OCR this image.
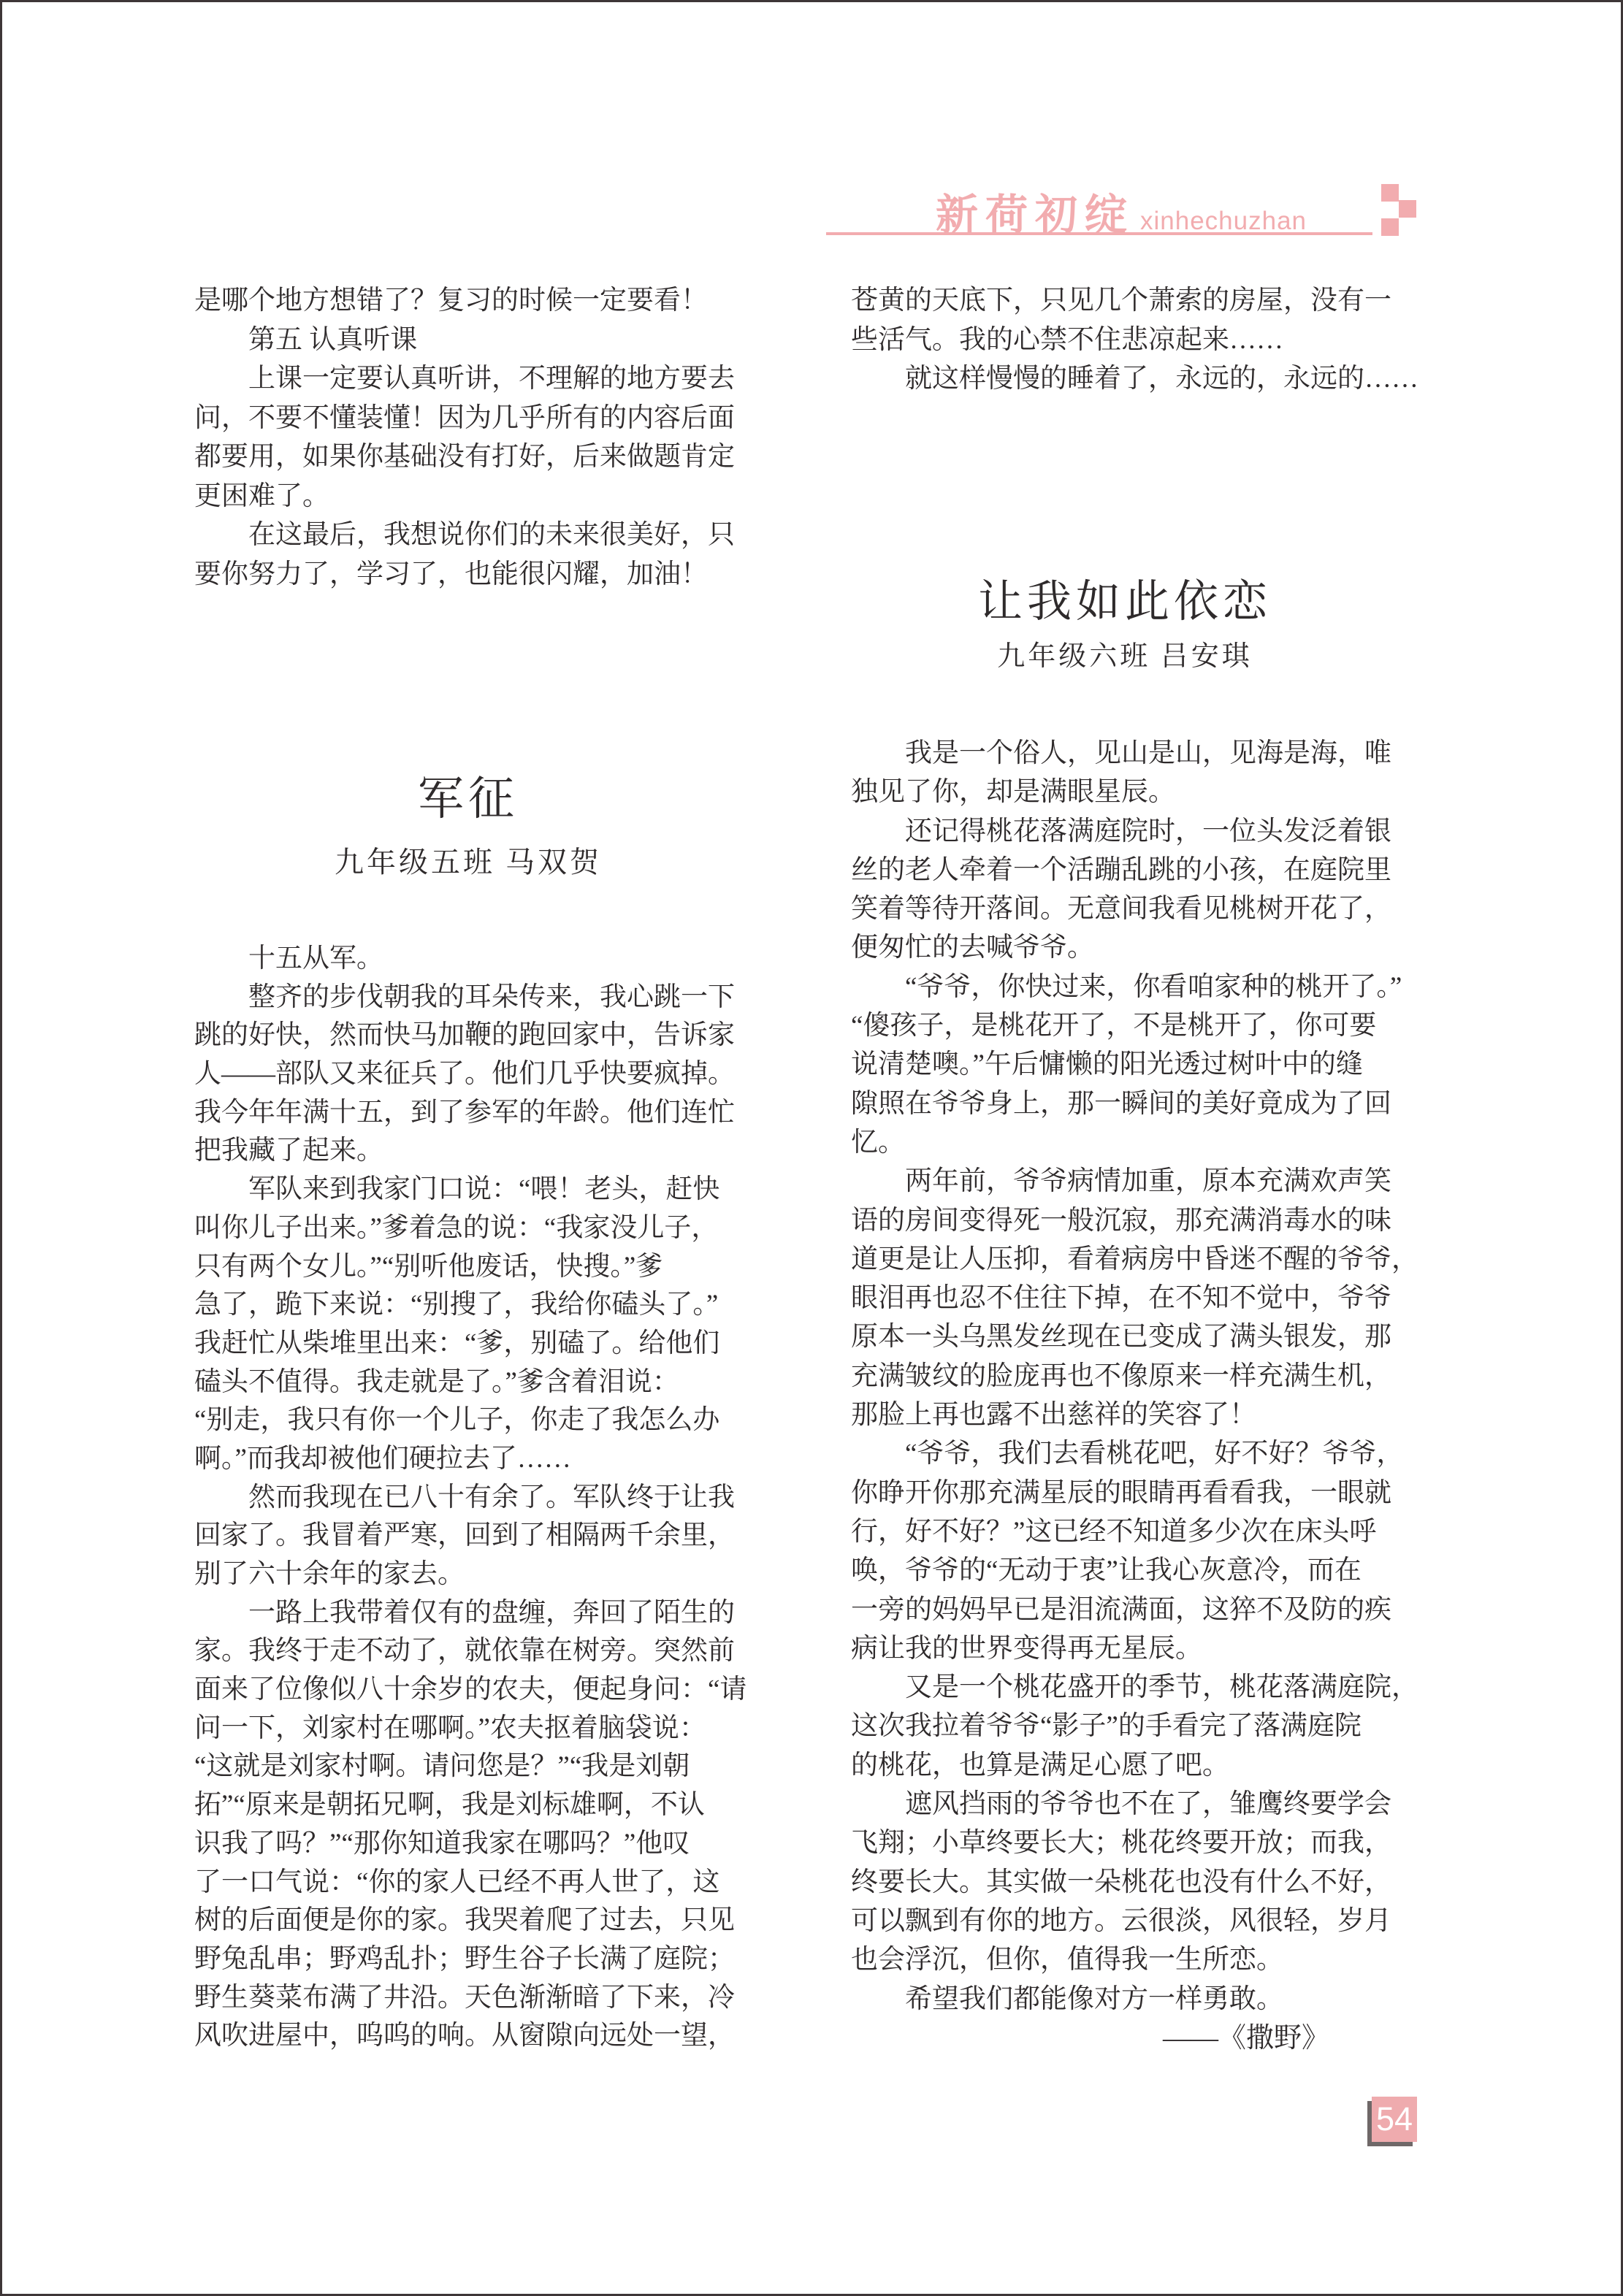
新荷初绽 xinhechuzhan
是哪个地方想错了？复习的时候一定要看！
　　第五 认真听课
　　上课一定要认真听讲，不理解的地方要去
问，不要不懂装懂！因为几乎所有的内容后面
都要用，如果你基础没有打好，后来做题肯定
更困难了。
　　在这最后，我想说你们的未来很美好，只
要你努力了，学习了，也能很闪耀，加油！
军征
九年级五班 马双贺
　　十五从军。
　　整齐的步伐朝我的耳朵传来，我心跳一下
跳的好快，然而快马加鞭的跑回家中，告诉家
人——部队又来征兵了。他们几乎快要疯掉。
我今年年满十五，到了参军的年龄。他们连忙
把我藏了起来。
　　军队来到我家门口说：“喂！老头，赶快
叫你儿子出来。”爹着急的说：“我家没儿子，
只有两个女儿。”“别听他废话，快搜。”爹
急了，跪下来说：“别搜了，我给你磕头了。”
我赶忙从柴堆里出来：“爹，别磕了。给他们
磕头不值得。我走就是了。”爹含着泪说：
“别走，我只有你一个儿子，你走了我怎么办
啊。”而我却被他们硬拉去了……
　　然而我现在已八十有余了。军队终于让我
回家了。我冒着严寒，回到了相隔两千余里，
别了六十余年的家去。
　　一路上我带着仅有的盘缠，奔回了陌生的
家。我终于走不动了，就依靠在树旁。突然前
面来了位像似八十余岁的农夫，便起身问：“请
问一下，刘家村在哪啊。”农夫抠着脑袋说：
“这就是刘家村啊。请问您是？”“我是刘朝
拓”“原来是朝拓兄啊，我是刘标雄啊，不认
识我了吗？”“那你知道我家在哪吗？”他叹
了一口气说：“你的家人已经不再人世了，这
树的后面便是你的家。我哭着爬了过去，只见
野兔乱串；野鸡乱扑；野生谷子长满了庭院；
野生葵菜布满了井沿。天色渐渐暗了下来，冷
风吹进屋中，呜呜的响。从窗隙向远处一望，
苍黄的天底下，只见几个萧索的房屋，没有一
些活气。我的心禁不住悲凉起来……
　　就这样慢慢的睡着了，永远的，永远的……
让我如此依恋
九年级六班 吕安琪
　　我是一个俗人，见山是山，见海是海，唯
独见了你，却是满眼星辰。
　　还记得桃花落满庭院时，一位头发泛着银
丝的老人牵着一个活蹦乱跳的小孩，在庭院里
笑着等待开落间。无意间我看见桃树开花了，
便匆忙的去喊爷爷。
　　“爷爷，你快过来，你看咱家种的桃开了。”
“傻孩子，是桃花开了，不是桃开了，你可要
说清楚噢。”午后慵懒的阳光透过树叶中的缝
隙照在爷爷身上，那一瞬间的美好竟成为了回
忆。
　　两年前，爷爷病情加重，原本充满欢声笑
语的房间变得死一般沉寂，那充满消毒水的味
道更是让人压抑，看着病房中昏迷不醒的爷爷，
眼泪再也忍不住往下掉，在不知不觉中，爷爷
原本一头乌黑发丝现在已变成了满头银发，那
充满皱纹的脸庞再也不像原来一样充满生机，
那脸上再也露不出慈祥的笑容了！
　　“爷爷，我们去看桃花吧，好不好？爷爷，
你睁开你那充满星辰的眼睛再看看我，一眼就
行，好不好？”这已经不知道多少次在床头呼
唤，爷爷的“无动于衷”让我心灰意冷，而在
一旁的妈妈早已是泪流满面，这猝不及防的疾
病让我的世界变得再无星辰。
　　又是一个桃花盛开的季节，桃花落满庭院，
这次我拉着爷爷“影子”的手看完了落满庭院
的桃花，也算是满足心愿了吧。
　　遮风挡雨的爷爷也不在了，雏鹰终要学会
飞翔；小草终要长大；桃花终要开放；而我，
终要长大。其实做一朵桃花也没有什么不好，
可以飘到有你的地方。云很淡，风很轻，岁月
也会浮沉，但你，值得我一生所恋。
　　希望我们都能像对方一样勇敢。
——《撒野》
54
